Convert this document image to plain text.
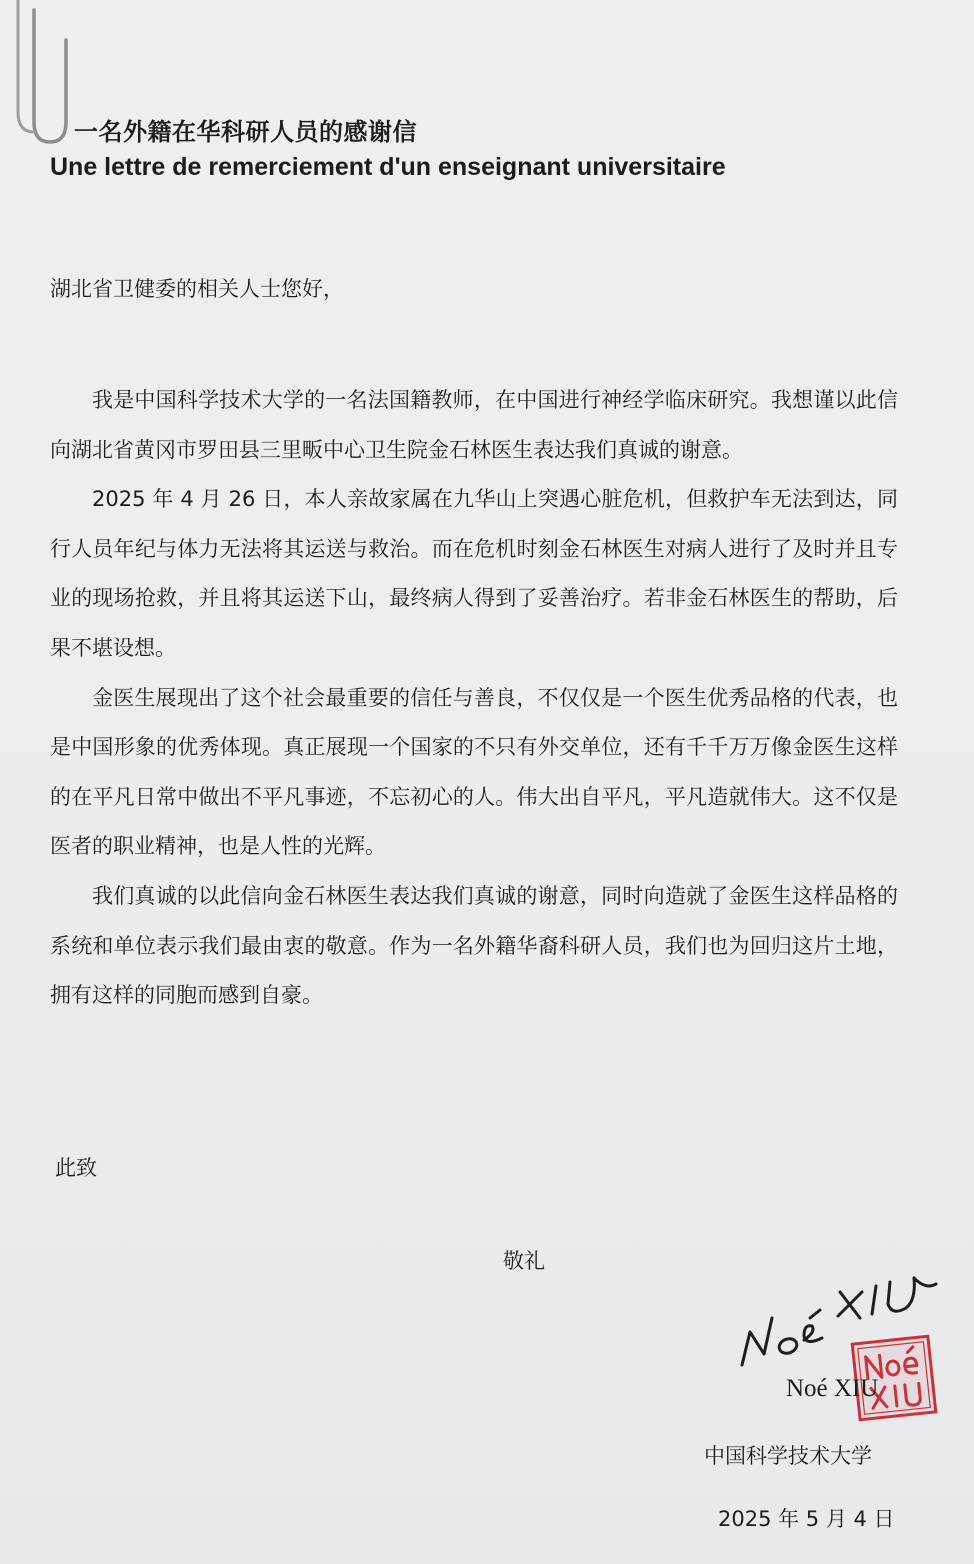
一名外籍在华科研人员的感谢信
Une lettre de remerciement d'un enseignant universitaire
湖北省卫健委的相关人士您好，

我是中国科学技术大学的一名法国籍教师，在中国进行神经学临床研究。我想谨以此信向湖北省黄冈市罗田县三里畈中心卫生院金石林医生表达我们真诚的谢意。

2025 年 4 月 26 日，本人亲故家属在九华山上突遇心脏危机，但救护车无法到达，同行人员年纪与体力无法将其运送与救治。而在危机时刻金石林医生对病人进行了及时并且专业的现场抢救，并且将其运送下山，最终病人得到了妥善治疗。若非金石林医生的帮助，后果不堪设想。

金医生展现出了这个社会最重要的信任与善良，不仅仅是一个医生优秀品格的代表，也是中国形象的优秀体现。真正展现一个国家的不只有外交单位，还有千千万万像金医生这样的在平凡日常中做出不平凡事迹，不忘初心的人。伟大出自平凡，平凡造就伟大。这不仅是医者的职业精神，也是人性的光辉。

我们真诚的以此信向金石林医生表达我们真诚的谢意，同时向造就了金医生这样品格的系统和单位表示我们最由衷的敬意。作为一名外籍华裔科研人员，我们也为回归这片土地，拥有这样的同胞而感到自豪。

此致
敬礼
Noé XIU
中国科学技术大学
2025 年 5 月 4 日
